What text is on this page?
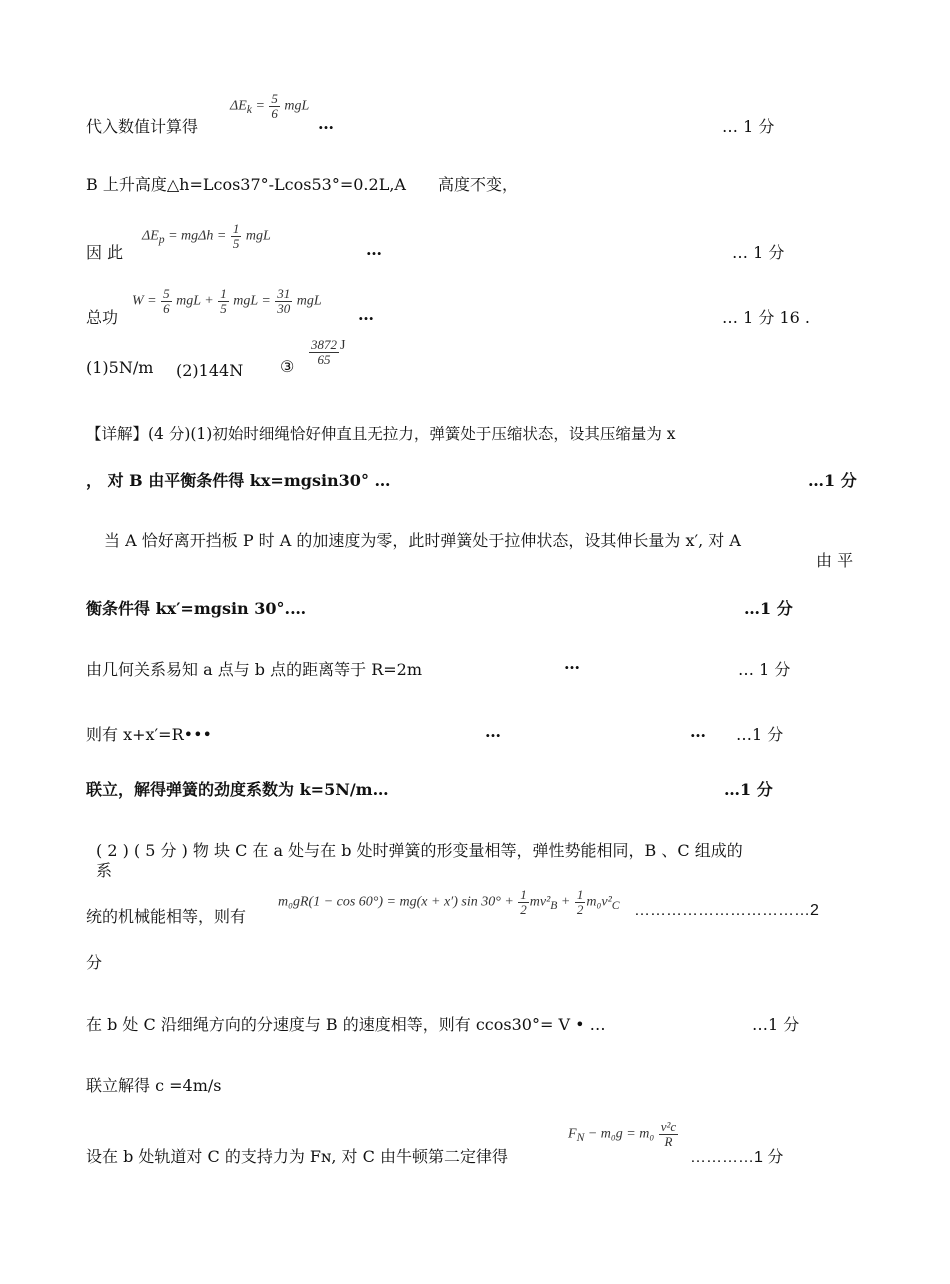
代入数值计算得
$\Delta E_k = \frac{5}{6}$ mgL
…	… 1 分
B 上升高度△h=Lcos37°-Lcos53°=0.2L,A　　高度不变，
因 此
$\Delta E_p = mg\Delta h = \frac{1}{5}$ mgL
…	… 1 分
总功
$W = \frac{5}{6}$ mgL + $\frac{1}{5}$ mgL = $\frac{31}{30}$ mgL
…	… 1 分 16 .
(1)5N/m (2)144N ③
$\frac{3872}{65}$ J
【详解】(4 分)(1)初始时细绳恰好伸直且无拉力，弹簧处于压缩状态，设其压缩量为 x
， 对 B 由平衡条件得 kx=mgsin30° …	…1 分
当 A 恰好离开挡板 P 时 A 的加速度为零，此时弹簧处于拉伸状态，设其伸长量为 x′, 对 A
由 平
衡条件得 kx′=mgsin 30°.…	…1 分
由几何关系易知 a 点与 b 点的距离等于 R=2m	…	… 1 分
则有 x+x′=R•••	…	… …1 分
联立，解得弹簧的劲度系数为 k=5N/m…	…1 分
( 2 ) ( 5 分 ) 物 块 C 在 a 处与在 b 处时弹簧的形变量相等，弹性势能相同，B 、C 组成的
系
统的机械能相等，则有
m₀gR(1 − cos 60°) = mg(x + x′) $\sin 30^\circ + \frac{1}{2} mv^2_B + \frac{1}{2} m_0v^2_C$ ……………………………2
分
在 b 处 C 沿细绳方向的分速度与 B 的速度相等，则有 ccos30°= V • …	…1 分
联立解得 c =4m/s
设在 b 处轨道对 C 的支持力为 Fɴ, 对 C 由牛顿第二定律得
$F_N - m_0g = m_0 \frac{\text{v²c}}{R}$
…………1 分
